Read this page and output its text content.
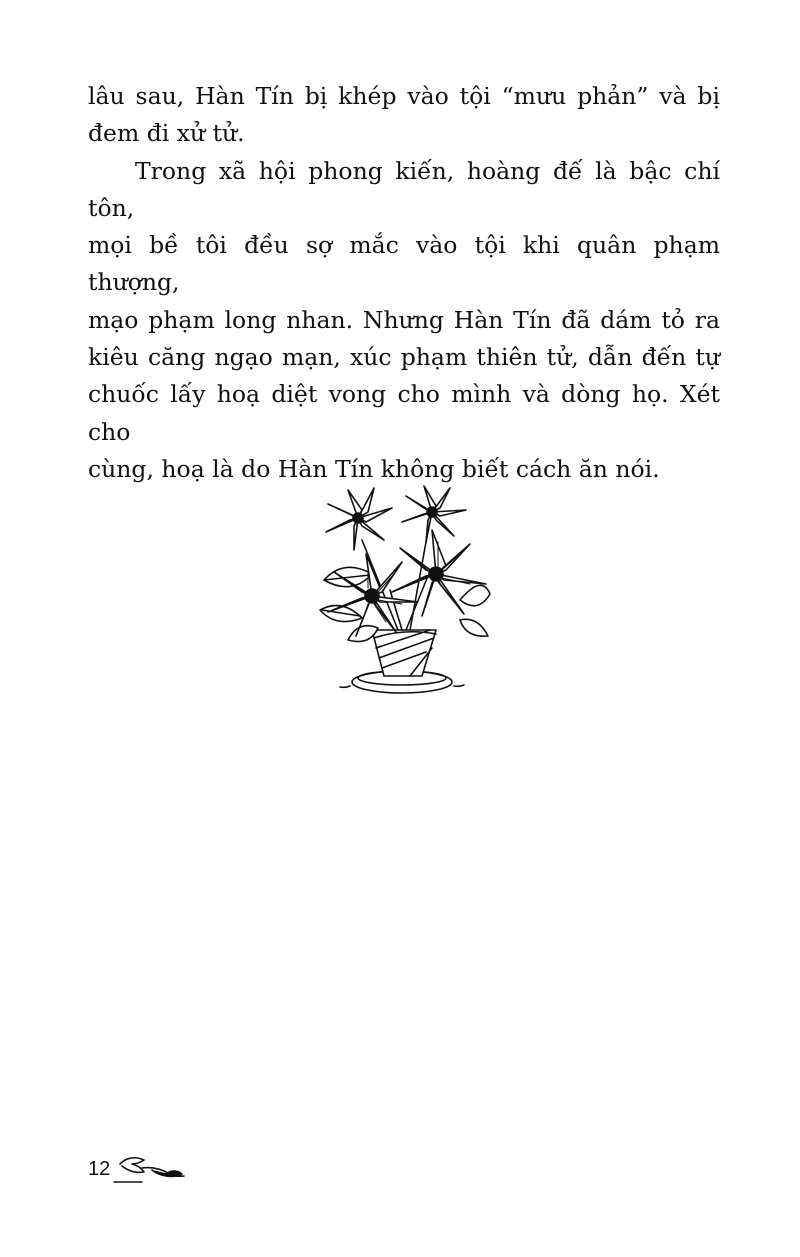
lâu sau, Hàn Tín bị khép vào tội “mưu phản” và bị
đem đi xử tử.

Trong xã hội phong kiến, hoàng đế là bậc chí tôn,
mọi bề tôi đều sợ mắc vào tội khi quân phạm thượng,
mạo phạm long nhan. Nhưng Hàn Tín đã dám tỏ ra
kiêu căng ngạo mạn, xúc phạm thiên tử, dẫn đến tự
chuốc lấy hoạ diệt vong cho mình và dòng họ. Xét cho
cùng, hoạ là do Hàn Tín không biết cách ăn nói.

12
